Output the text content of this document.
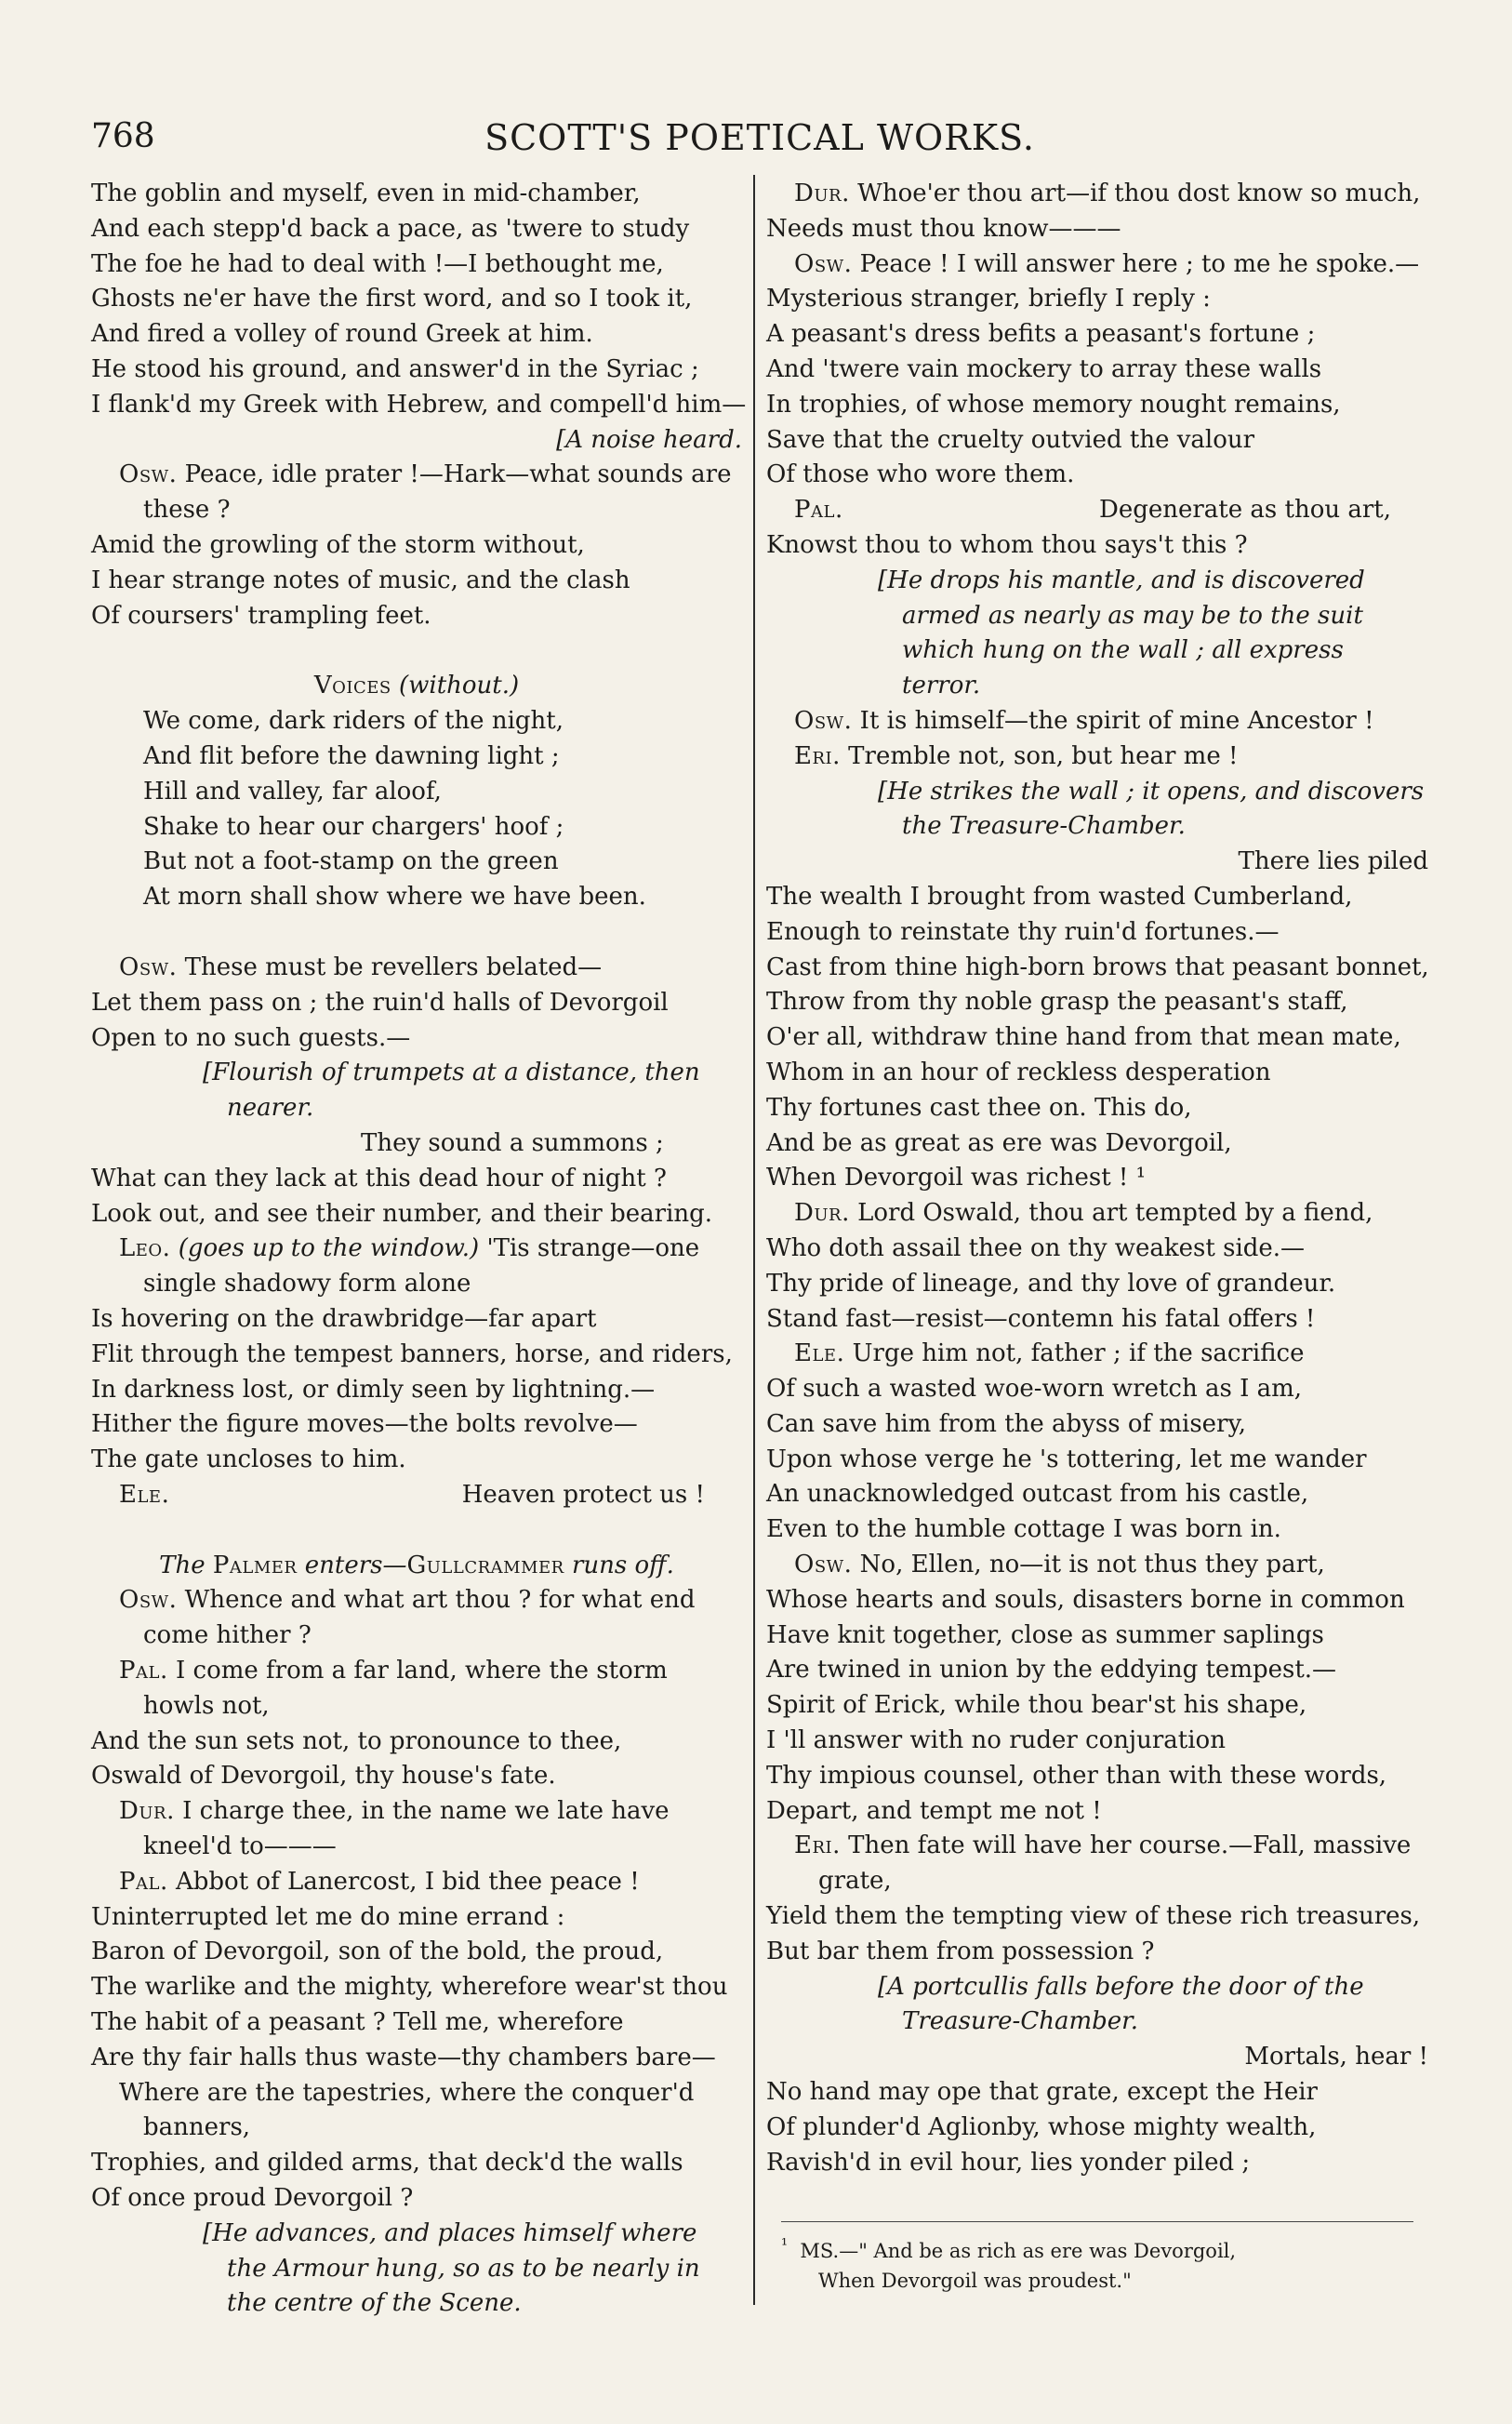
768	SCOTT'S POETICAL WORKS.
The goblin and myself, even in mid-chamber,
And each stepp'd back a pace, as 'twere to study
The foe he had to deal with !—I bethought me,
Ghosts ne'er have the first word, and so I took it,
And fired a volley of round Greek at him.
He stood his ground, and answer'd in the Syriac ;
I flank'd my Greek with Hebrew, and compell'd him—
[A noise heard.
Osw. Peace, idle prater !—Hark—what sounds are these ?
Amid the growling of the storm without,
I hear strange notes of music, and the clash
Of coursers' trampling feet.
Voices (without.)
We come, dark riders of the night,
And flit before the dawning light ;
Hill and valley, far aloof,
Shake to hear our chargers' hoof ;
But not a foot-stamp on the green
At morn shall show where we have been.
Osw. These must be revellers belated—
Let them pass on ; the ruin'd halls of Devorgoil
Open to no such guests.—
[Flourish of trumpets at a distance, then nearer.
They sound a summons ;
What can they lack at this dead hour of night ?
Look out, and see their number, and their bearing.
Leo. (goes up to the window.) 'Tis strange—one single shadowy form alone
Is hovering on the drawbridge—far apart
Flit through the tempest banners, horse, and riders,
In darkness lost, or dimly seen by lightning.—
Hither the figure moves—the bolts revolve—
The gate uncloses to him.
Ele.	Heaven protect us !
The Palmer enters—Gullcrammer runs off.
Osw. Whence and what art thou ? for what end come hither ?
Pal. I come from a far land, where the storm howls not,
And the sun sets not, to pronounce to thee,
Oswald of Devorgoil, thy house's fate.
Dur. I charge thee, in the name we late have kneel'd to———
Pal. Abbot of Lanercost, I bid thee peace !
Uninterrupted let me do mine errand :
Baron of Devorgoil, son of the bold, the proud,
The warlike and the mighty, wherefore wear'st thou
The habit of a peasant ? Tell me, wherefore
Are thy fair halls thus waste—thy chambers bare—
Where are the tapestries, where the conquer'd banners,
Trophies, and gilded arms, that deck'd the walls
Of once proud Devorgoil ?
[He advances, and places himself where the Armour hung, so as to be nearly in the centre of the Scene.
Dur. Whoe'er thou art—if thou dost know so much,
Needs must thou know———
Osw. Peace ! I will answer here ; to me he spoke.—
Mysterious stranger, briefly I reply :
A peasant's dress befits a peasant's fortune ;
And 'twere vain mockery to array these walls
In trophies, of whose memory nought remains,
Save that the cruelty outvied the valour
Of those who wore them.
Pal.	Degenerate as thou art,
Knowst thou to whom thou says't this ?
[He drops his mantle, and is discovered armed as nearly as may be to the suit which hung on the wall ; all express terror.
Osw. It is himself—the spirit of mine Ancestor !
Eri. Tremble not, son, but hear me !
[He strikes the wall ; it opens, and discovers the Treasure-Chamber.
There lies piled
The wealth I brought from wasted Cumberland,
Enough to reinstate thy ruin'd fortunes.—
Cast from thine high-born brows that peasant bonnet,
Throw from thy noble grasp the peasant's staff,
O'er all, withdraw thine hand from that mean mate,
Whom in an hour of reckless desperation
Thy fortunes cast thee on. This do,
And be as great as ere was Devorgoil,
When Devorgoil was richest ! ¹
Dur. Lord Oswald, thou art tempted by a fiend,
Who doth assail thee on thy weakest side.—
Thy pride of lineage, and thy love of grandeur.
Stand fast—resist—contemn his fatal offers !
Ele. Urge him not, father ; if the sacrifice
Of such a wasted woe-worn wretch as I am,
Can save him from the abyss of misery,
Upon whose verge he 's tottering, let me wander
An unacknowledged outcast from his castle,
Even to the humble cottage I was born in.
Osw. No, Ellen, no—it is not thus they part,
Whose hearts and souls, disasters borne in common
Have knit together, close as summer saplings
Are twined in union by the eddying tempest.—
Spirit of Erick, while thou bear'st his shape,
I 'll answer with no ruder conjuration
Thy impious counsel, other than with these words,
Depart, and tempt me not !
Eri. Then fate will have her course.—Fall, massive grate,
Yield them the tempting view of these rich treasures,
But bar them from possession ?
[A portcullis falls before the door of the Treasure-Chamber.
Mortals, hear !
No hand may ope that grate, except the Heir
Of plunder'd Aglionby, whose mighty wealth,
Ravish'd in evil hour, lies yonder piled ;
$^{^1}$ MS.—" And be as rich as ere was Devorgoil,
When Devorgoil was proudest."
